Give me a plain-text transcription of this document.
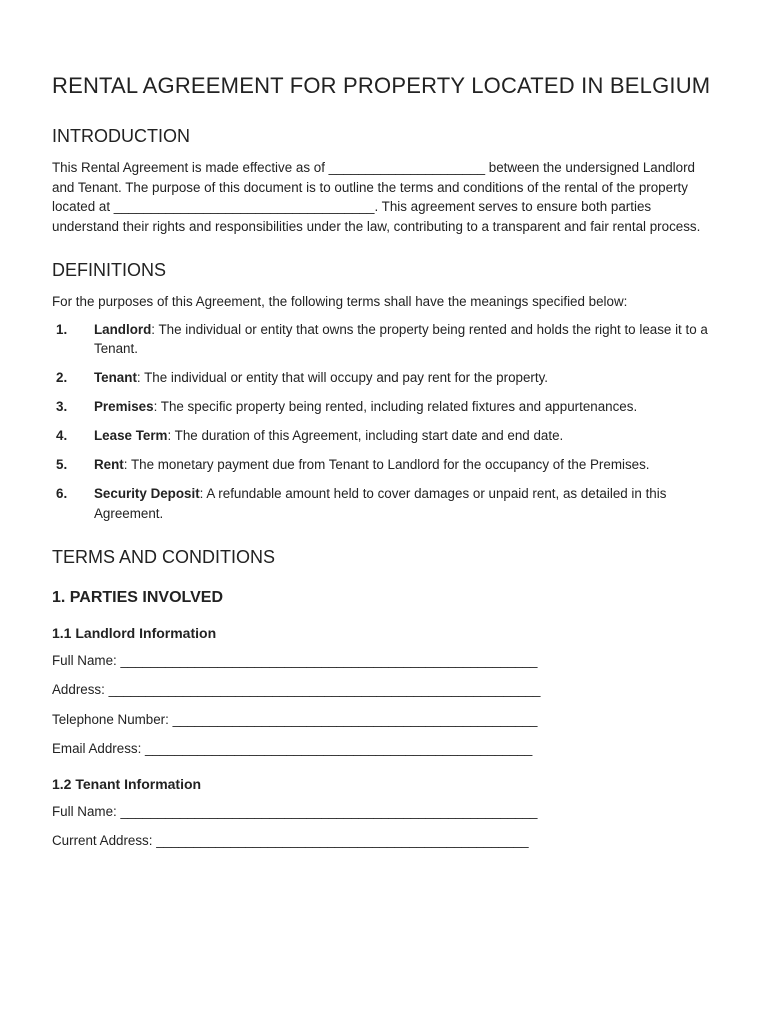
RENTAL AGREEMENT FOR PROPERTY LOCATED IN BELGIUM
INTRODUCTION

This Rental Agreement is made effective as of _____________________ between the undersigned Landlord and Tenant. The purpose of this document is to outline the terms and conditions of the rental of the property located at ___________________________________. This agreement serves to ensure both parties understand their rights and responsibilities under the law, contributing to a transparent and fair rental process.

DEFINITIONS

For the purposes of this Agreement, the following terms shall have the meanings specified below:

1.	Landlord: The individual or entity that owns the property being rented and holds the right to lease it to a Tenant.
2.	Tenant: The individual or entity that will occupy and pay rent for the property.
3.	Premises: The specific property being rented, including related fixtures and appurtenances.
4.	Lease Term: The duration of this Agreement, including start date and end date.
5.	Rent: The monetary payment due from Tenant to Landlord for the occupancy of the Premises.
6.	Security Deposit: A refundable amount held to cover damages or unpaid rent, as detailed in this Agreement.
TERMS AND CONDITIONS
1. PARTIES INVOLVED
1.1 Landlord Information
Full Name: ________________________________________________________
Address: __________________________________________________________
Telephone Number: _________________________________________________
Email Address: ____________________________________________________
1.2 Tenant Information
Full Name: ________________________________________________________
Current Address: __________________________________________________
